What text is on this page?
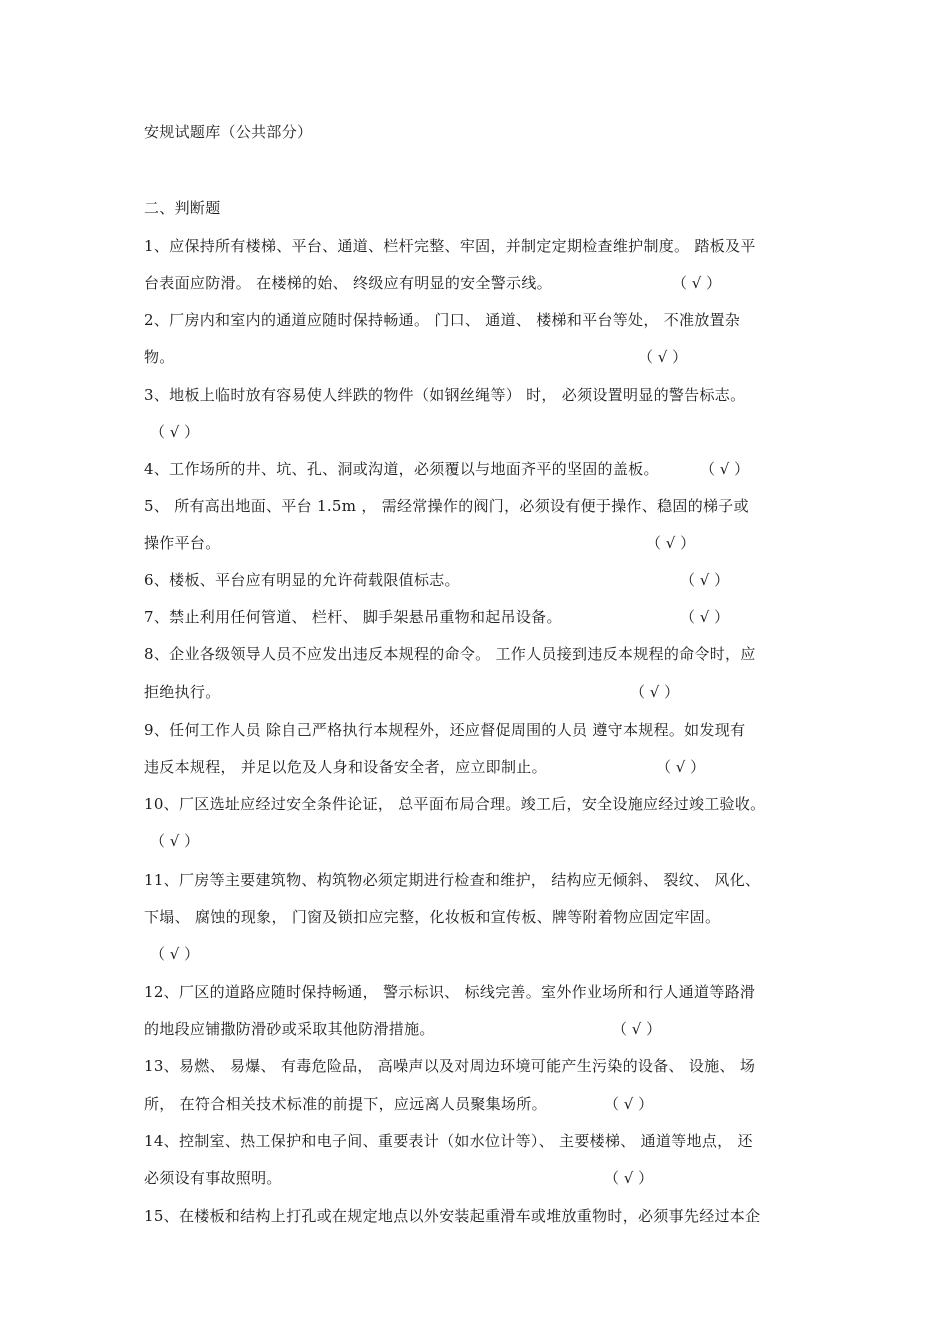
安规试题库（公共部分）
二、判断题
1、应保持所有楼梯、平台、通道、栏杆完整、牢固，并制定定期检查维护制度。 踏板及平
台表面应防滑。 在楼梯的始、 终级应有明显的安全警示线。	（ √ ）
2、厂房内和室内的通道应随时保持畅通。 门口、 通道、 楼梯和平台等处， 不准放置杂
物。	（ √ ）
3、地板上临时放有容易使人绊跌的物件（如钢丝绳等） 时， 必须设置明显的警告标志。
（ √ ）
4、工作场所的井、坑、孔、洞或沟道，必须覆以与地面齐平的坚固的盖板。	（ √ ）
5、 所有高出地面、平台 1.5m ， 需经常操作的阀门，必须设有便于操作、稳固的梯子或
操作平台。	（ √ ）
6、楼板、平台应有明显的允许荷载限值标志。	（ √ ）
7、禁止利用任何管道、 栏杆、 脚手架悬吊重物和起吊设备。	（ √ ）
8、企业各级领导人员不应发出违反本规程的命令。 工作人员接到违反本规程的命令时，应
拒绝执行。	（ √ ）
9、任何工作人员 除自己严格执行本规程外，还应督促周围的人员 遵守本规程。如发现有
违反本规程， 并足以危及人身和设备安全者，应立即制止。	（ √ ）
10、厂区选址应经过安全条件论证， 总平面布局合理。竣工后，安全设施应经过竣工验收。
（ √ ）
11、厂房等主要建筑物、构筑物必须定期进行检查和维护， 结构应无倾斜、 裂纹、 风化、
下塌、 腐蚀的现象， 门窗及锁扣应完整，化妆板和宣传板、牌等附着物应固定牢固。
（ √ ）
12、厂区的道路应随时保持畅通， 警示标识、 标线完善。室外作业场所和行人通道等路滑
的地段应铺撒防滑砂或采取其他防滑措施。	（ √ ）
13、易燃、 易爆、 有毒危险品， 高噪声以及对周边环境可能产生污染的设备、 设施、 场
所， 在符合相关技术标准的前提下，应远离人员聚集场所。	（ √ ）
14、控制室、热工保护和电子间、重要表计（如水位计等）、 主要楼梯、 通道等地点， 还
必须设有事故照明。	（ √ ）
15、在楼板和结构上打孔或在规定地点以外安装起重滑车或堆放重物时，必须事先经过本企
